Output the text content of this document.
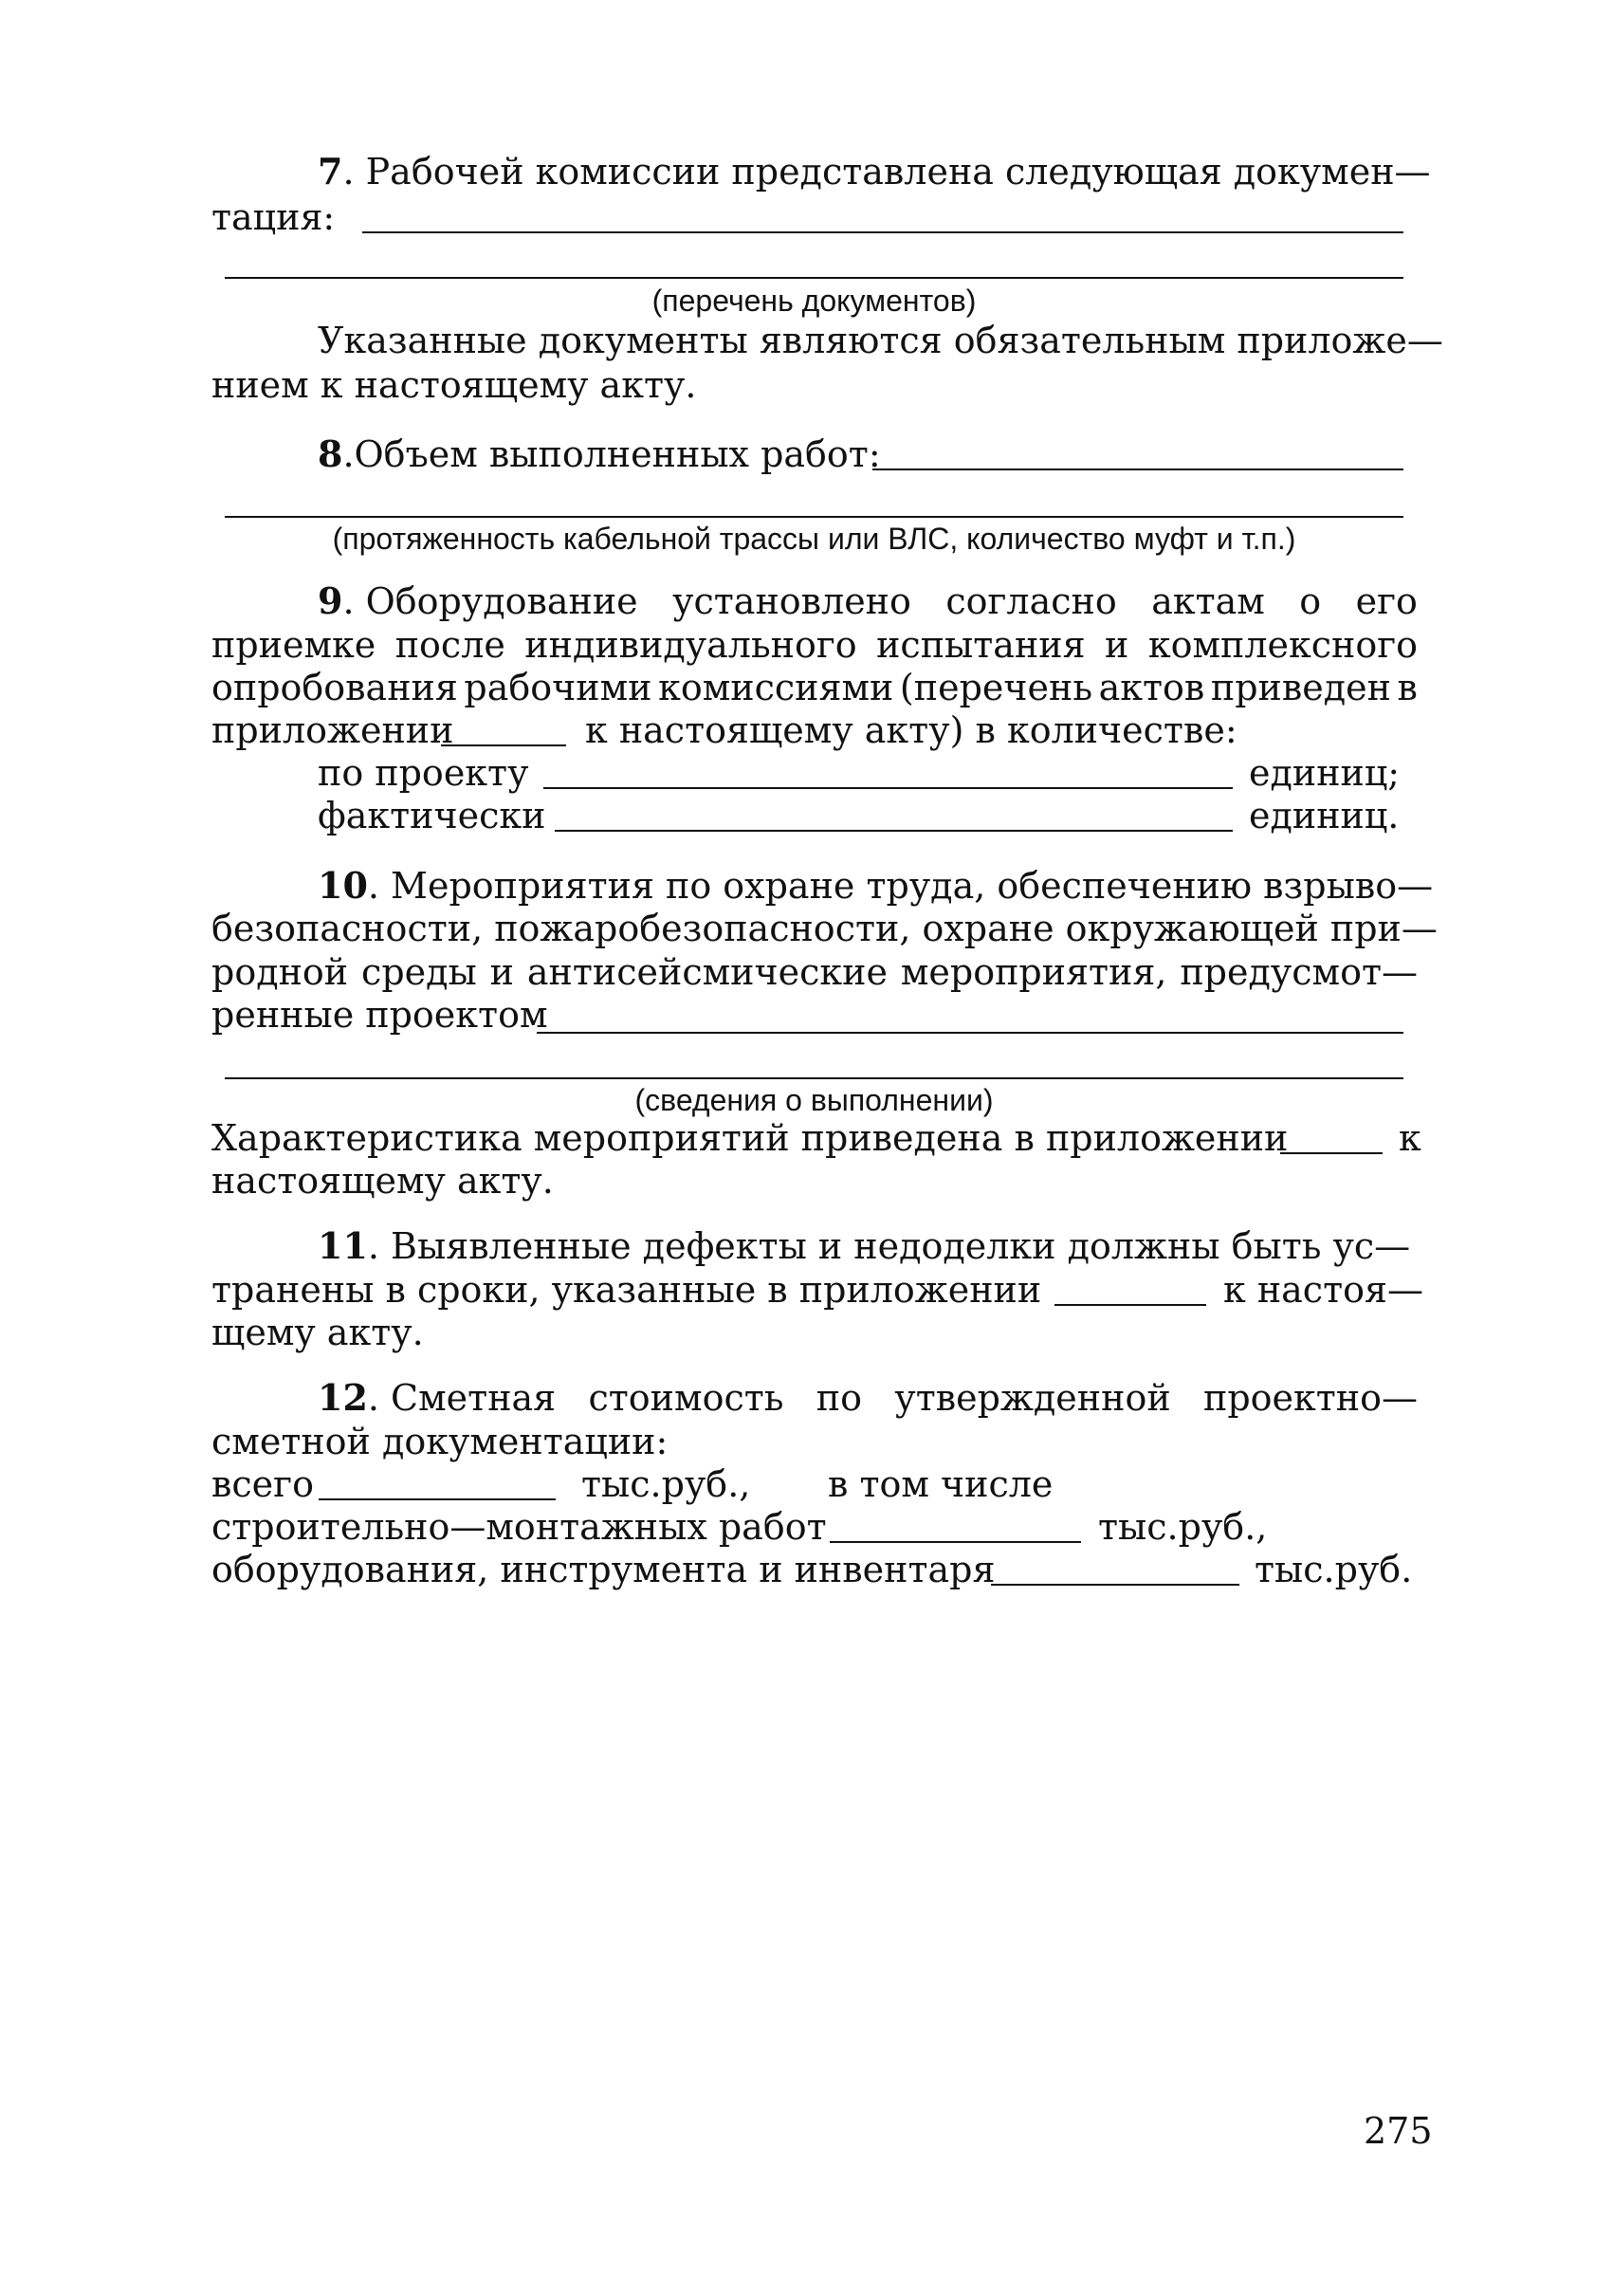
7. Рабочей комиссии представлена следующая докумен—
тация:
(перечень документов)
Указанные документы являются обязательным приложе—
нием к настоящему акту.
8.Объем выполненных работ:
(протяженность кабельной трассы или ВЛС, количество муфт и т.п.)
9. Оборудование установлено согласно актам о его
приемке после индивидуального испытания и комплексного
опробования рабочими комиссиями (перечень актов приведен в
приложении	к настоящему акту) в количестве:
по проекту	единиц;
фактически	единиц.
10. Мероприятия по охране труда, обеспечению взрыво—
безопасности, пожаробезопасности, охране окружающей при—
родной среды и антисейсмические мероприятия, предусмот—
ренные проектом
(сведения о выполнении)
Характеристика мероприятий приведена в приложении	к
настоящему акту.
11. Выявленные дефекты и недоделки должны быть ус—
транены в сроки, указанные в приложении	к настоя—
щему акту.
12. Сметная стоимость по утвержденной проектно—
сметной документации:
всего	тыс.руб., в том числе
строительно—монтажных работ	тыс.руб.,
оборудования, инструмента и инвентаря	тыс.руб.
275
